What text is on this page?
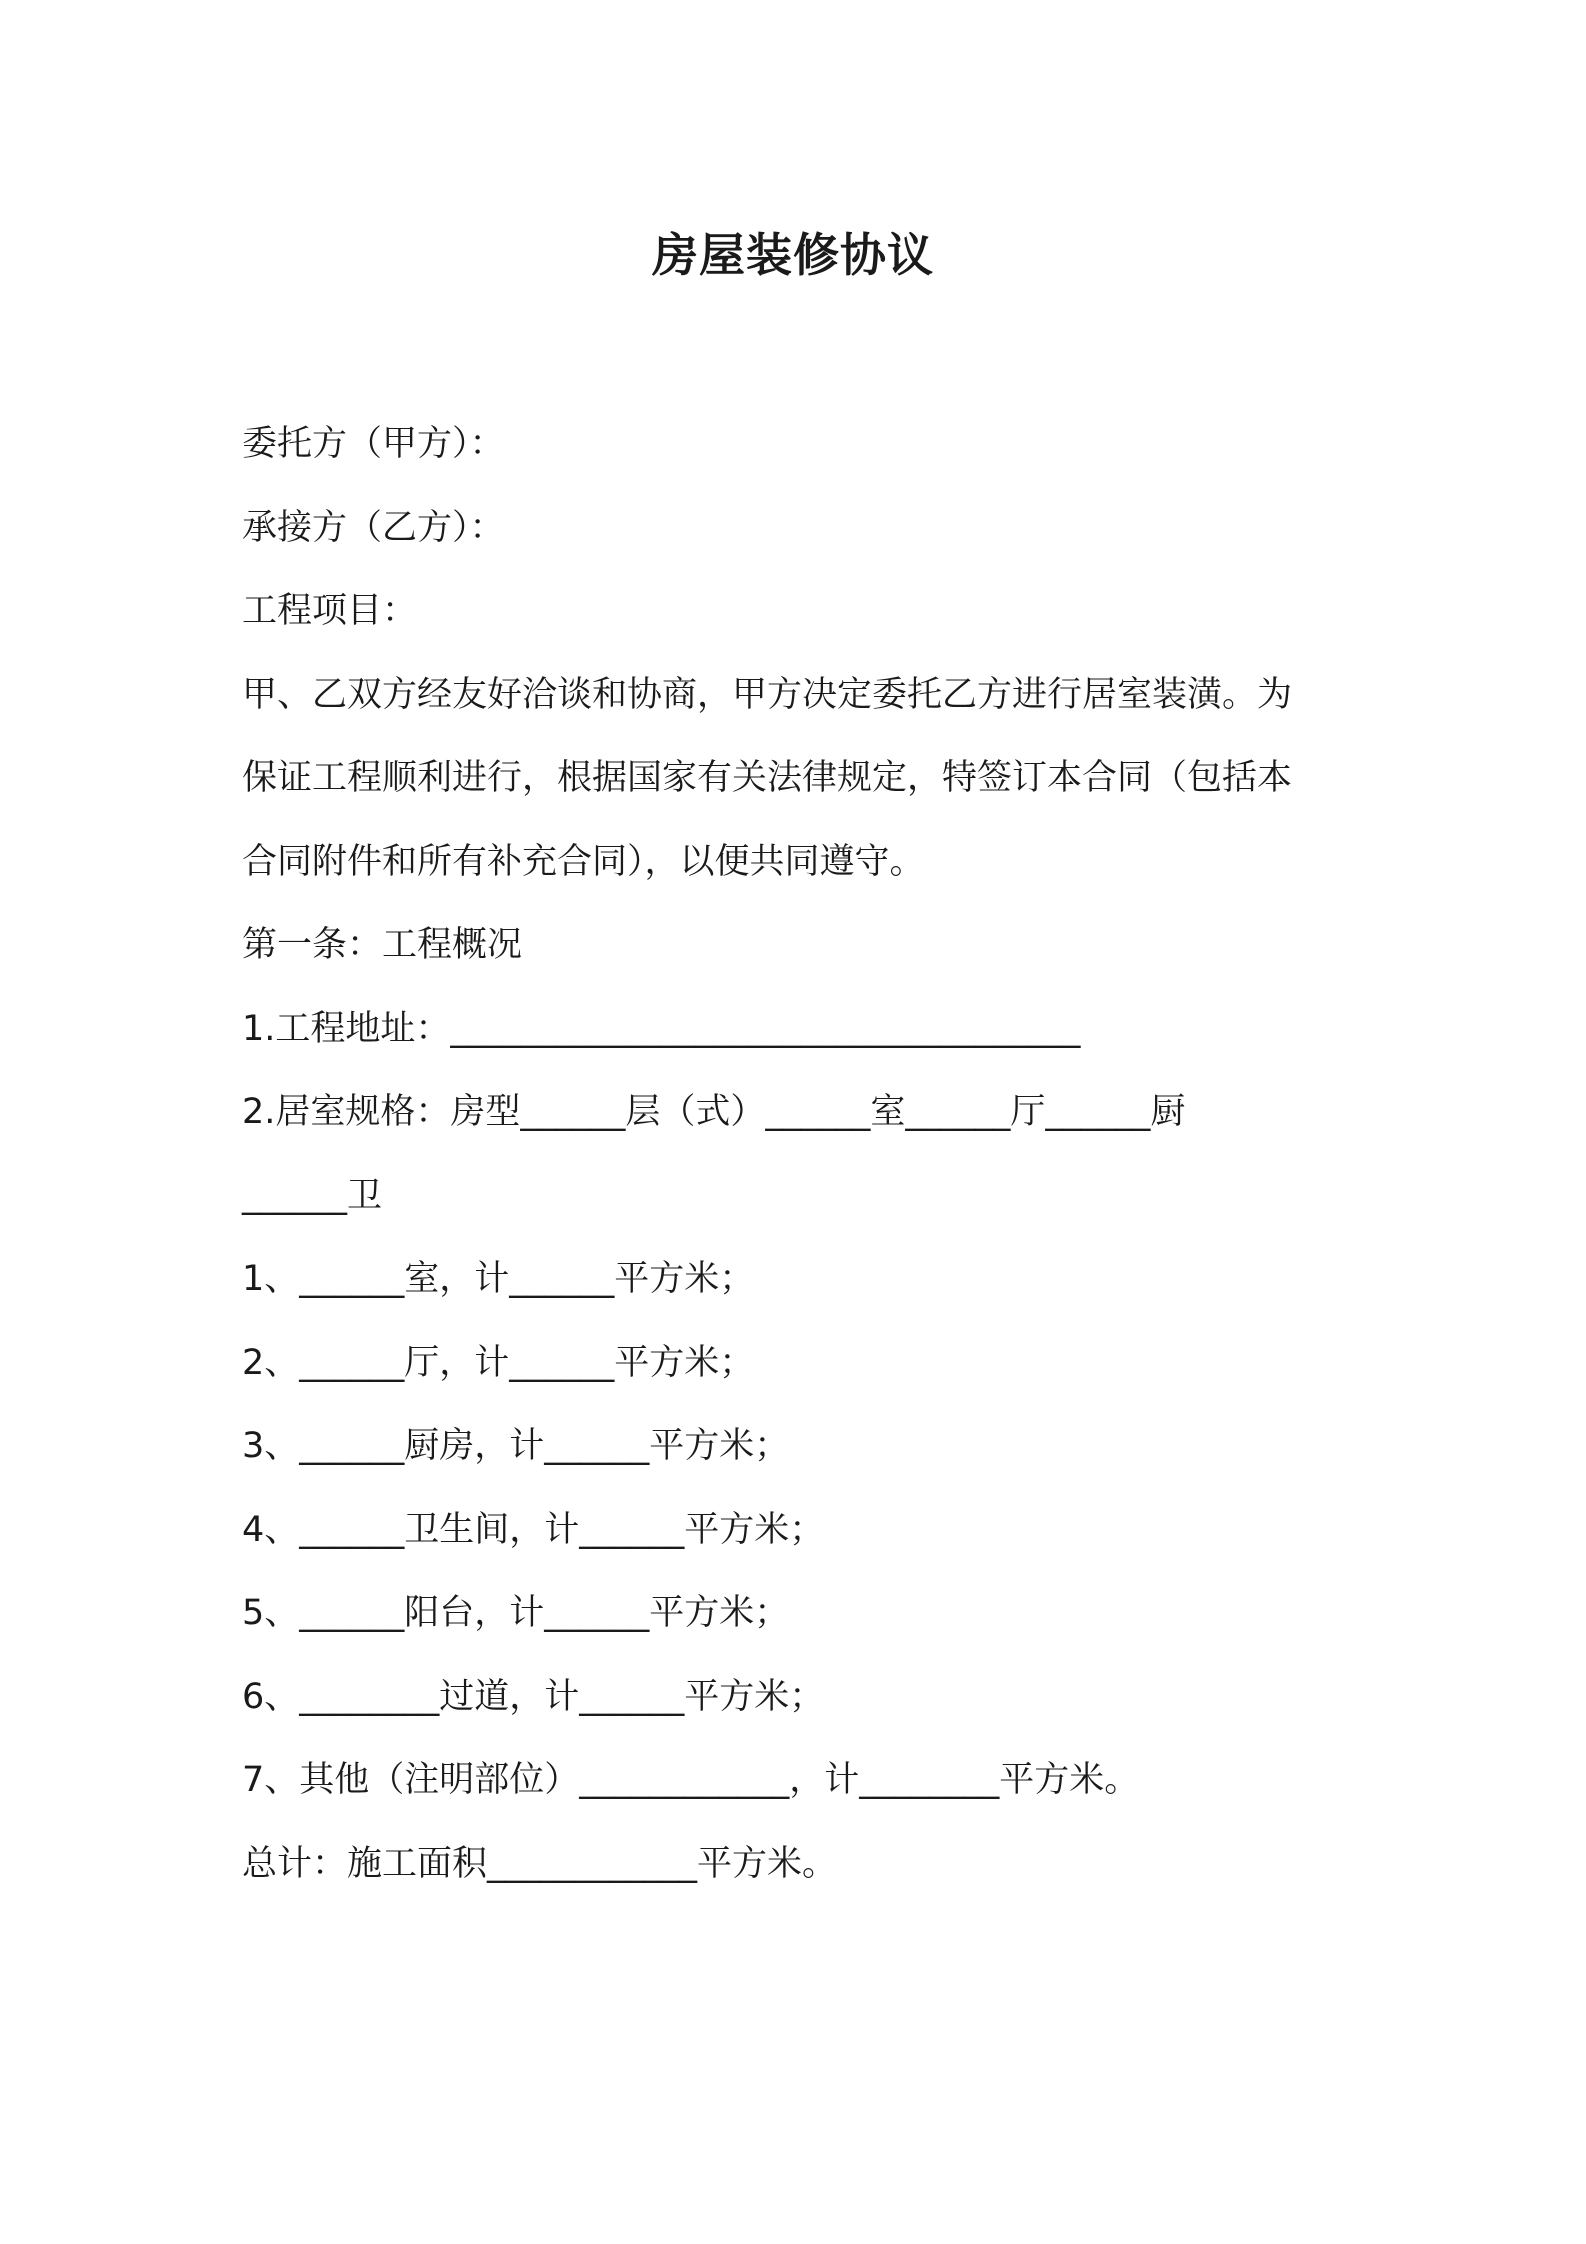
房屋装修协议
委托方（甲方）：
承接方（乙方）：
工程项目：
甲、乙双方经友好洽谈和协商，甲方决定委托乙方进行居室装潢。为
保证工程顺利进行，根据国家有关法律规定，特签订本合同（包括本
合同附件和所有补充合同），以便共同遵守。
第一条：工程概况
1.工程地址：____________________________________
2.居室规格：房型______层（式）______室______厅______厨
______卫
1、______室，计______平方米；
2、______厅，计______平方米；
3、______厨房，计______平方米；
4、______卫生间，计______平方米；
5、______阳台，计______平方米；
6、________过道，计______平方米；
7、其他（注明部位）____________，计________平方米。
总计：施工面积____________平方米。
